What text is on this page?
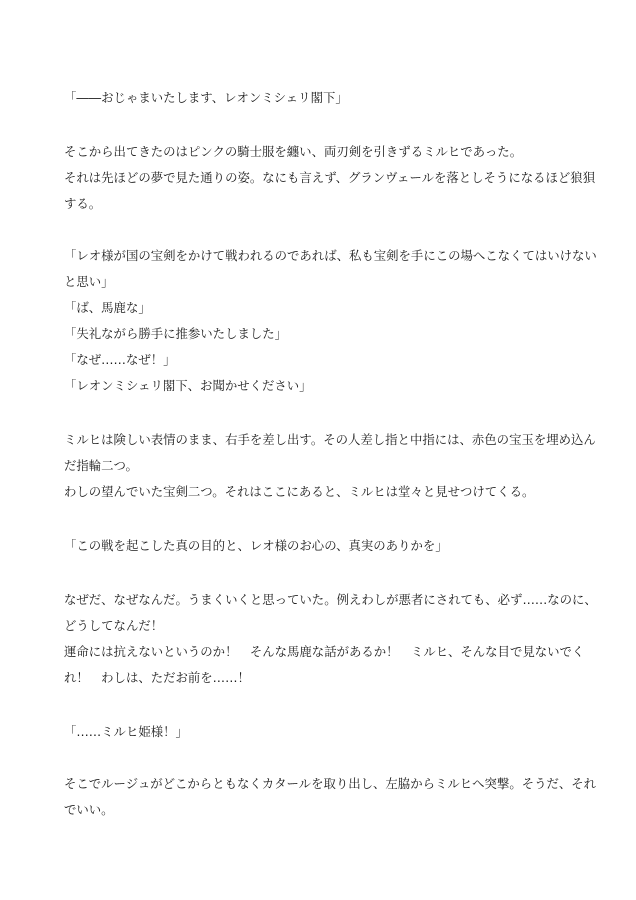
「――おじゃまいたします、レオンミシェリ閣下」
そこから出てきたのはピンクの騎士服を纏い、両刃剣を引きずるミルヒであった。
それは先ほどの夢で見た通りの姿。なにも言えず、グランヴェールを落としそうになるほど狼狽
する。
「レオ様が国の宝剣をかけて戦われるのであれば、私も宝剣を手にこの場へこなくてはいけない
と思い」
「ば、馬鹿な」
「失礼ながら勝手に推参いたしました」
「なぜ……なぜ！」
「レオンミシェリ閣下、お聞かせください」
ミルヒは険しい表情のまま、右手を差し出す。その人差し指と中指には、赤色の宝玉を埋め込ん
だ指輪二つ。
わしの望んでいた宝剣二つ。それはここにあると、ミルヒは堂々と見せつけてくる。
「この戦を起こした真の目的と、レオ様のお心の、真実のありかを」
なぜだ、なぜなんだ。うまくいくと思っていた。例えわしが悪者にされても、必ず……なのに、
どうしてなんだ！
運命には抗えないというのか！　そんな馬鹿な話があるか！　ミルヒ、そんな目で見ないでく
れ！　わしは、ただお前を……！
「……ミルヒ姫様！」
そこでルージュがどこからともなくカタールを取り出し、左脇からミルヒへ突撃。そうだ、それ
でいい。
